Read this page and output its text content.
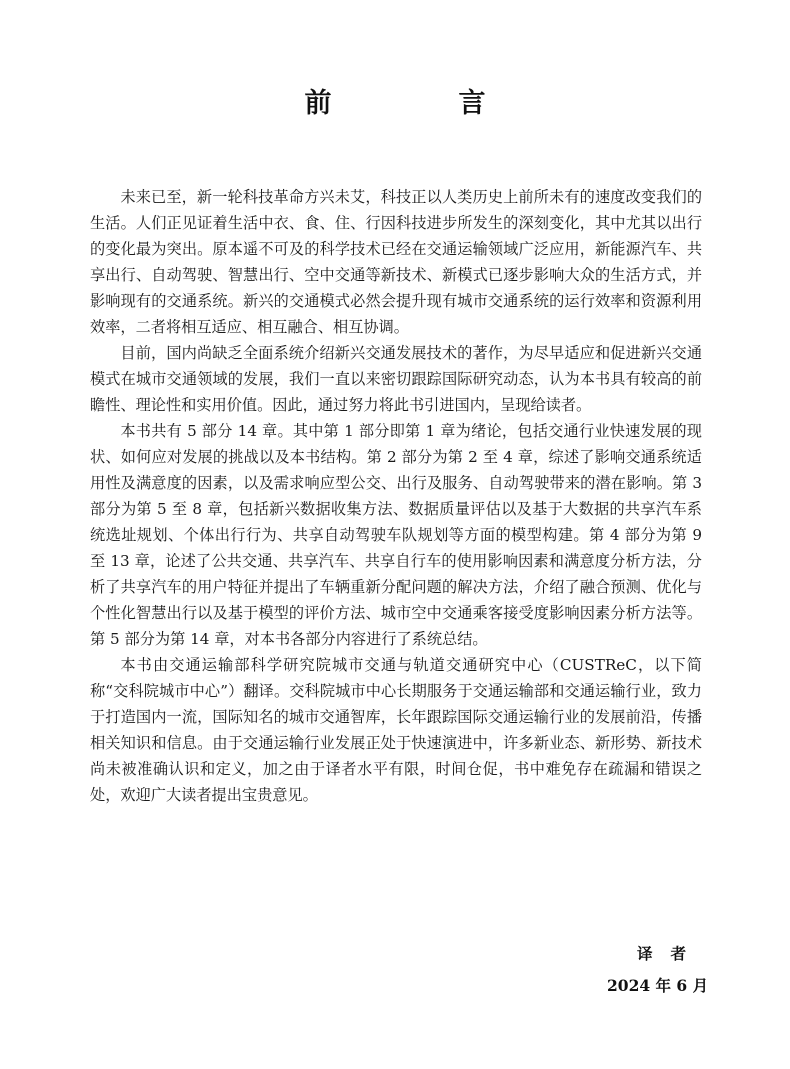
前　言

未来已至，新一轮科技革命方兴未艾，科技正以人类历史上前所未有的速度改变我们的生活。人们正见证着生活中衣、食、住、行因科技进步所发生的深刻变化，其中尤其以出行的变化最为突出。原本遥不可及的科学技术已经在交通运输领域广泛应用，新能源汽车、共享出行、自动驾驶、智慧出行、空中交通等新技术、新模式已逐步影响大众的生活方式，并影响现有的交通系统。新兴的交通模式必然会提升现有城市交通系统的运行效率和资源利用效率，二者将相互适应、相互融合、相互协调。

目前，国内尚缺乏全面系统介绍新兴交通发展技术的著作，为尽早适应和促进新兴交通模式在城市交通领域的发展，我们一直以来密切跟踪国际研究动态，认为本书具有较高的前瞻性、理论性和实用价值。因此，通过努力将此书引进国内，呈现给读者。

本书共有 5 部分 14 章。其中第 1 部分即第 1 章为绪论，包括交通行业快速发展的现状、如何应对发展的挑战以及本书结构。第 2 部分为第 2 至 4 章，综述了影响交通系统适用性及满意度的因素，以及需求响应型公交、出行及服务、自动驾驶带来的潜在影响。第 3 部分为第 5 至 8 章，包括新兴数据收集方法、数据质量评估以及基于大数据的共享汽车系统选址规划、个体出行行为、共享自动驾驶车队规划等方面的模型构建。第 4 部分为第 9 至 13 章，论述了公共交通、共享汽车、共享自行车的使用影响因素和满意度分析方法，分析了共享汽车的用户特征并提出了车辆重新分配问题的解决方法，介绍了融合预测、优化与个性化智慧出行以及基于模型的评价方法、城市空中交通乘客接受度影响因素分析方法等。第 5 部分为第 14 章，对本书各部分内容进行了系统总结。

本书由交通运输部科学研究院城市交通与轨道交通研究中心（CUSTReC，以下简称“交科院城市中心”）翻译。交科院城市中心长期服务于交通运输部和交通运输行业，致力于打造国内一流，国际知名的城市交通智库，长年跟踪国际交通运输行业的发展前沿，传播相关知识和信息。由于交通运输行业发展正处于快速演进中，许多新业态、新形势、新技术尚未被准确认识和定义，加之由于译者水平有限，时间仓促，书中难免存在疏漏和错误之处，欢迎广大读者提出宝贵意见。

译者
2024 年 6 月
